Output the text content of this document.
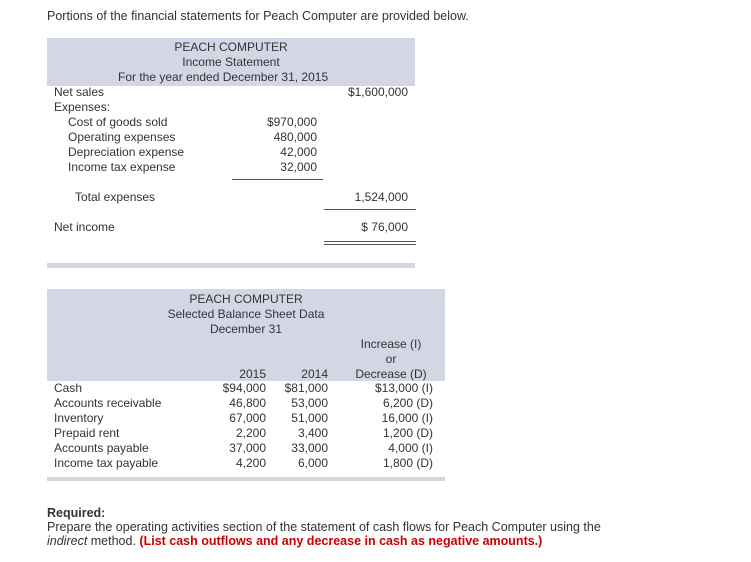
Portions of the financial statements for Peach Computer are provided below.
PEACH COMPUTER
Income Statement
For the year ended December 31, 2015
Net sales	$1,600,000
Expenses:
Cost of goods sold	$970,000
Operating expenses	480,000
Depreciation expense	42,000
Income tax expense	32,000
Total expenses	1,524,000
Net income	$ 76,000
PEACH COMPUTER
Selected Balance Sheet Data
December 31
Increase (I)
or
Decrease (D)
2015	2014
Cash	$94,000 $81,000	$13,000 (I)
Accounts receivable	46,800 53,000	6,200 (D)
Inventory	67,000 51,000	16,000 (I)
Prepaid rent	2,200	3,400	1,200 (D)
Accounts payable	37,000 33,000	4,000 (I)
Income tax payable	4,200	6,000	1,800 (D)
Required:
Prepare the operating activities section of the statement of cash flows for Peach Computer using the
indirect method. (List cash outflows and any decrease in cash as negative amounts.)
